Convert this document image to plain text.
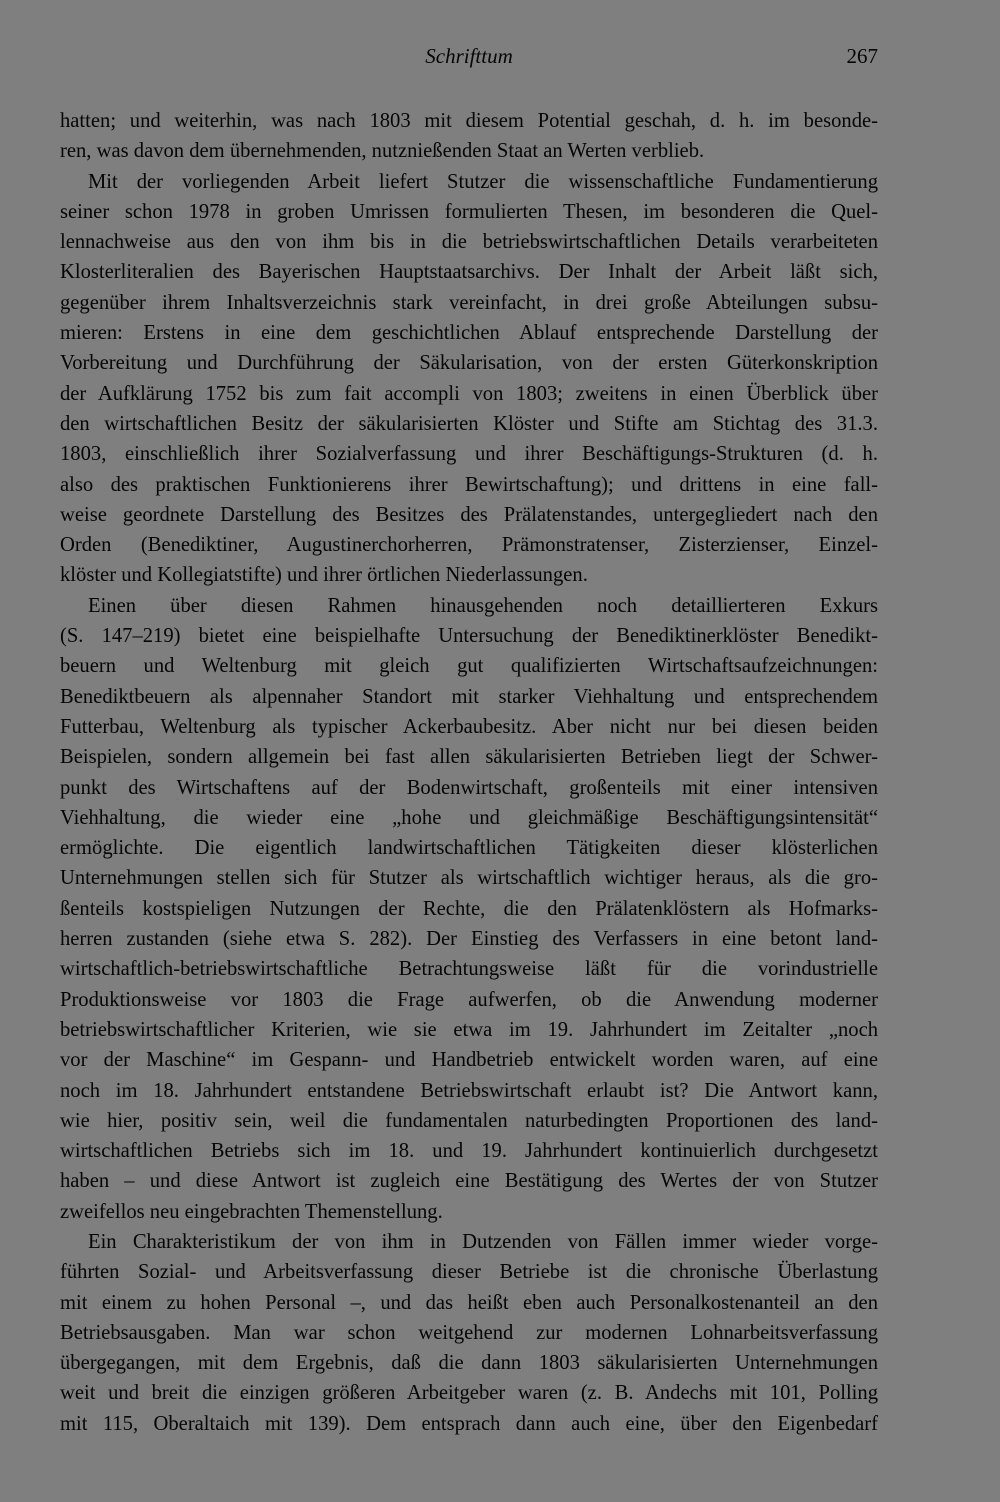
Schrifttum	267
hatten; und weiterhin, was nach 1803 mit diesem Potential geschah, d. h. im besonde-
ren, was davon dem übernehmenden, nutznießenden Staat an Werten verblieb.
Mit der vorliegenden Arbeit liefert Stutzer die wissenschaftliche Fundamentierung
seiner schon 1978 in groben Umrissen formulierten Thesen, im besonderen die Quel-
lennachweise aus den von ihm bis in die betriebswirtschaftlichen Details verarbeiteten
Klosterliteralien des Bayerischen Hauptstaatsarchivs. Der Inhalt der Arbeit läßt sich,
gegenüber ihrem Inhaltsverzeichnis stark vereinfacht, in drei große Abteilungen subsu-
mieren: Erstens in eine dem geschichtlichen Ablauf entsprechende Darstellung der
Vorbereitung und Durchführung der Säkularisation, von der ersten Güterkonskription
der Aufklärung 1752 bis zum fait accompli von 1803; zweitens in einen Überblick über
den wirtschaftlichen Besitz der säkularisierten Klöster und Stifte am Stichtag des 31.3.
1803, einschließlich ihrer Sozialverfassung und ihrer Beschäftigungs-Strukturen (d. h.
also des praktischen Funktionierens ihrer Bewirtschaftung); und drittens in eine fall-
weise geordnete Darstellung des Besitzes des Prälatenstandes, untergegliedert nach den
Orden (Benediktiner, Augustinerchorherren, Prämonstratenser, Zisterzienser, Einzel-
klöster und Kollegiatstifte) und ihrer örtlichen Niederlassungen.
Einen über diesen Rahmen hinausgehenden noch detaillierteren Exkurs
(S. 147–219) bietet eine beispielhafte Untersuchung der Benediktinerklöster Benedikt-
beuern und Weltenburg mit gleich gut qualifizierten Wirtschaftsaufzeichnungen:
Benediktbeuern als alpennaher Standort mit starker Viehhaltung und entsprechendem
Futterbau, Weltenburg als typischer Ackerbaubesitz. Aber nicht nur bei diesen beiden
Beispielen, sondern allgemein bei fast allen säkularisierten Betrieben liegt der Schwer-
punkt des Wirtschaftens auf der Bodenwirtschaft, großenteils mit einer intensiven
Viehhaltung, die wieder eine „hohe und gleichmäßige Beschäftigungsintensität“
ermöglichte. Die eigentlich landwirtschaftlichen Tätigkeiten dieser klösterlichen
Unternehmungen stellen sich für Stutzer als wirtschaftlich wichtiger heraus, als die gro-
ßenteils kostspieligen Nutzungen der Rechte, die den Prälatenklöstern als Hofmarks-
herren zustanden (siehe etwa S. 282). Der Einstieg des Verfassers in eine betont land-
wirtschaftlich-betriebswirtschaftliche Betrachtungsweise läßt für die vorindustrielle
Produktionsweise vor 1803 die Frage aufwerfen, ob die Anwendung moderner
betriebswirtschaftlicher Kriterien, wie sie etwa im 19. Jahrhundert im Zeitalter „noch
vor der Maschine“ im Gespann- und Handbetrieb entwickelt worden waren, auf eine
noch im 18. Jahrhundert entstandene Betriebswirtschaft erlaubt ist? Die Antwort kann,
wie hier, positiv sein, weil die fundamentalen naturbedingten Proportionen des land-
wirtschaftlichen Betriebs sich im 18. und 19. Jahrhundert kontinuierlich durchgesetzt
haben – und diese Antwort ist zugleich eine Bestätigung des Wertes der von Stutzer
zweifellos neu eingebrachten Themenstellung.
Ein Charakteristikum der von ihm in Dutzenden von Fällen immer wieder vorge-
führten Sozial- und Arbeitsverfassung dieser Betriebe ist die chronische Überlastung
mit einem zu hohen Personal –, und das heißt eben auch Personalkostenanteil an den
Betriebsausgaben. Man war schon weitgehend zur modernen Lohnarbeitsverfassung
übergegangen, mit dem Ergebnis, daß die dann 1803 säkularisierten Unternehmungen
weit und breit die einzigen größeren Arbeitgeber waren (z. B. Andechs mit 101, Polling
mit 115, Oberaltaich mit 139). Dem entsprach dann auch eine, über den Eigenbedarf
